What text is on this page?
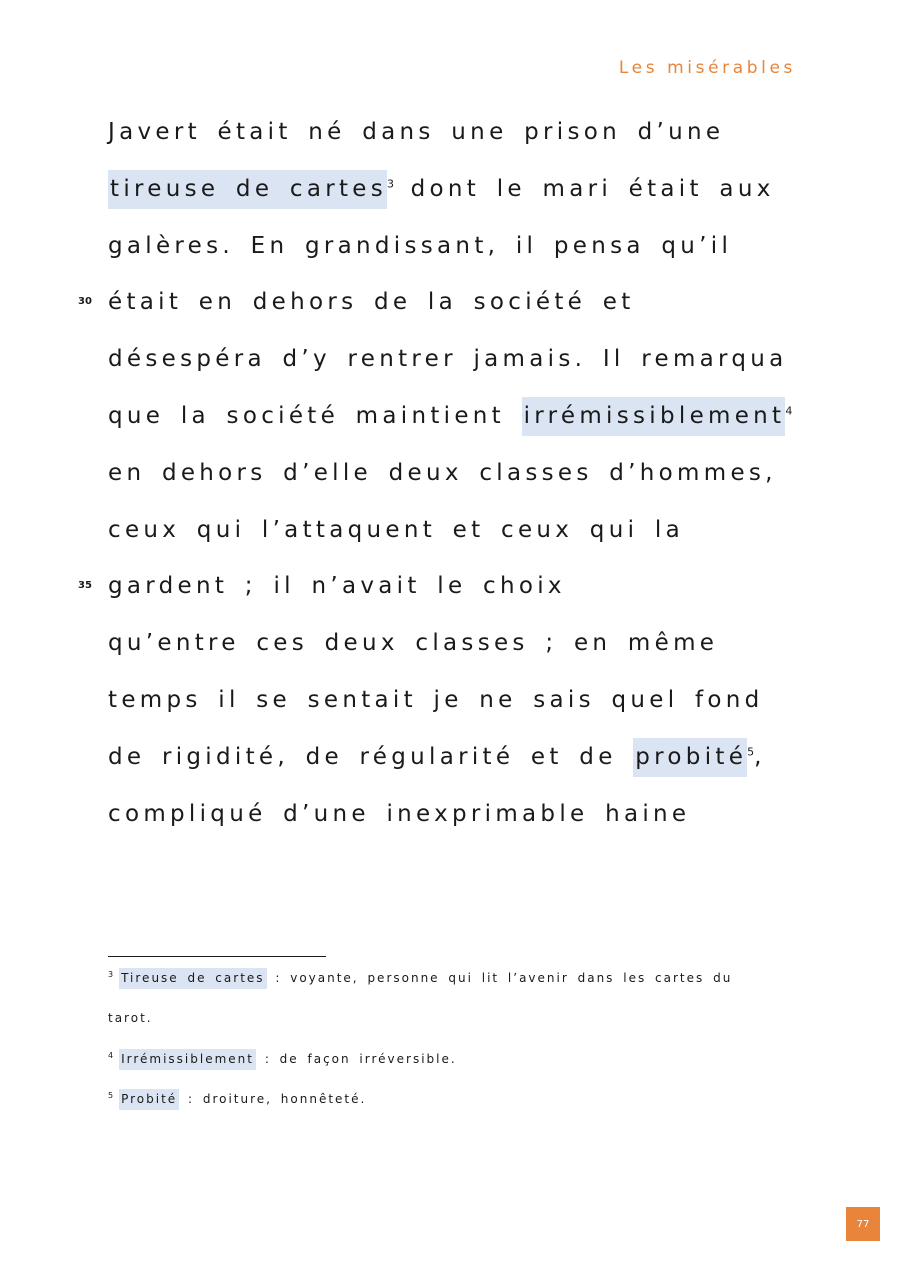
Les misérables
Javert était né dans une prison d’une
tireuse de cartes$^3$ dont le mari était aux
galères. En grandissant, il pensa qu’il
30 était en dehors de la société et
désespéra d’y rentrer jamais. Il remarqua
que la société maintient irrémissiblement$^4$
en dehors d’elle deux classes d’hommes,
ceux qui l’attaquent et ceux qui la
35 gardent ; il n’avait le choix
qu’entre ces deux classes ; en même
temps il se sentait je ne sais quel fond
de rigidité, de régularité et de probité$^5$,
compliqué d’une inexprimable haine
$^3$ Tireuse de cartes : voyante, personne qui lit l’avenir dans les cartes du
tarot.
$^4$ Irrémissiblement : de façon irréversible.
$^5$ Probité : droiture, honnêteté.
77
